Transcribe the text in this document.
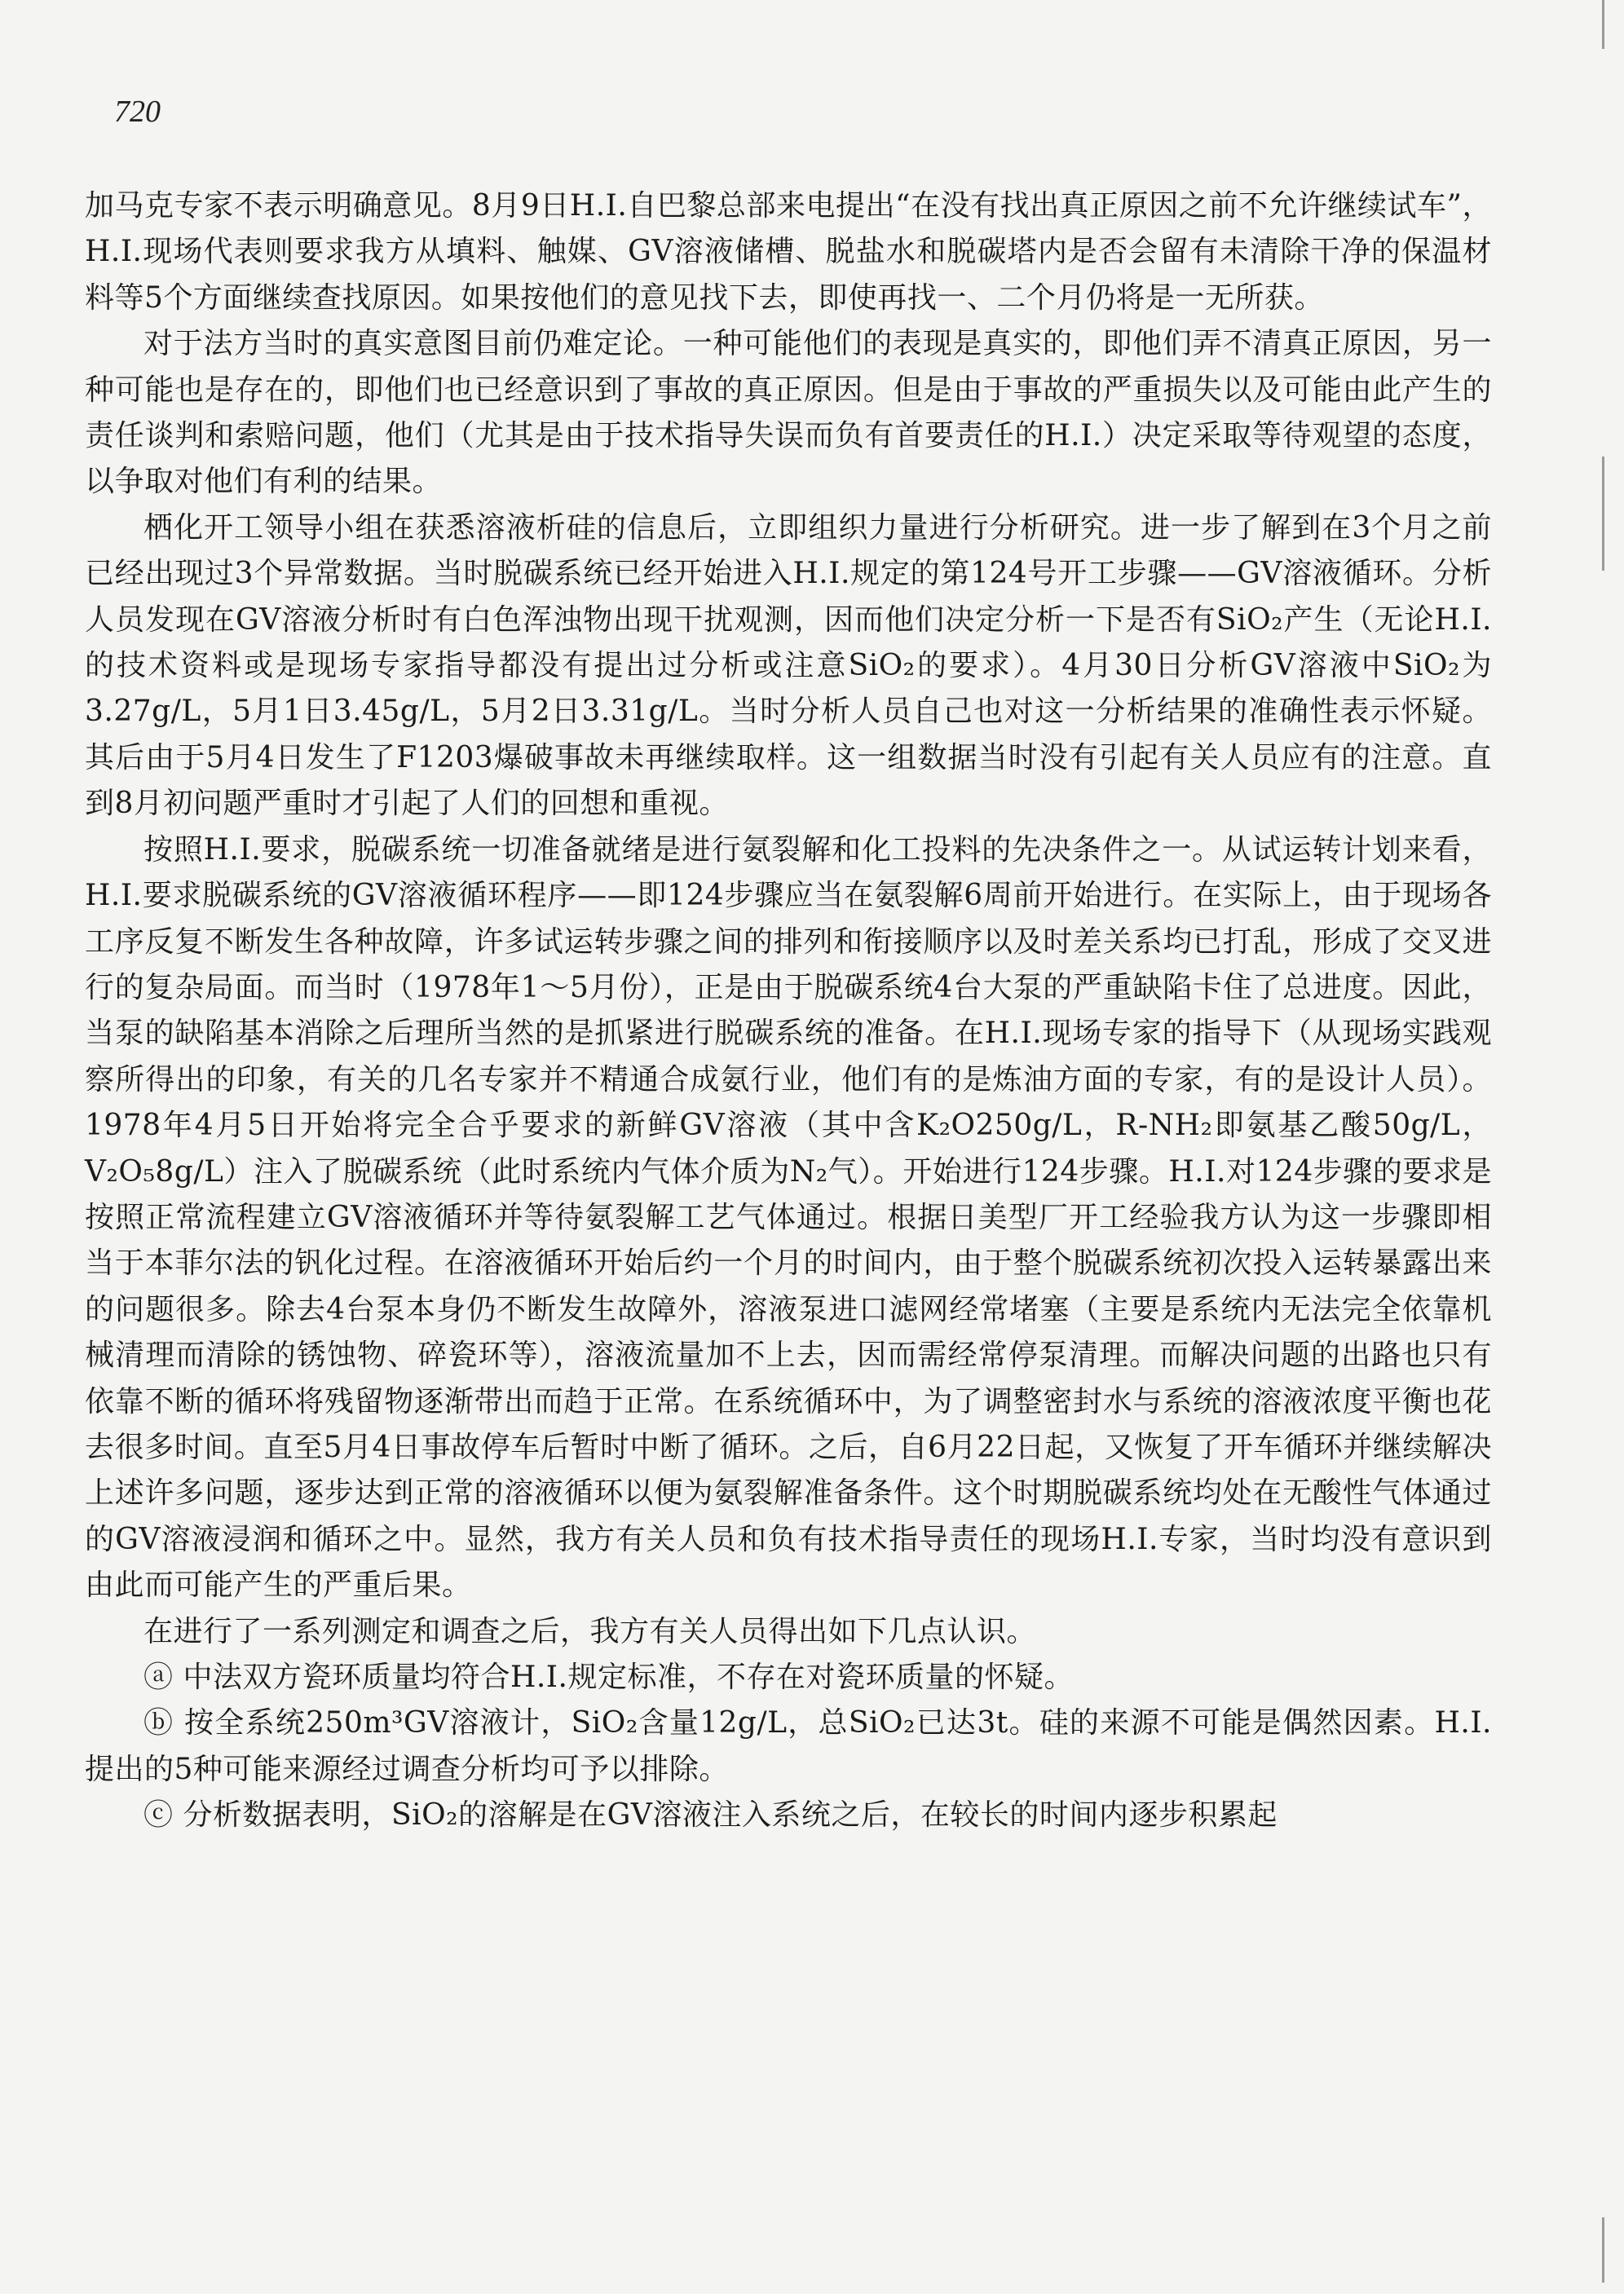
720

加马克专家不表示明确意见。8月9日H.I.自巴黎总部来电提出“在没有找出真正原因之前不允许继续试车”，H.I.现场代表则要求我方从填料、触媒、GV溶液储槽、脱盐水和脱碳塔内是否会留有未清除干净的保温材料等5个方面继续查找原因。如果按他们的意见找下去，即使再找一、二个月仍将是一无所获。

对于法方当时的真实意图目前仍难定论。一种可能他们的表现是真实的，即他们弄不清真正原因，另一种可能也是存在的，即他们也已经意识到了事故的真正原因。但是由于事故的严重损失以及可能由此产生的责任谈判和索赔问题，他们（尤其是由于技术指导失误而负有首要责任的H.I.）决定采取等待观望的态度，以争取对他们有利的结果。

栖化开工领导小组在获悉溶液析硅的信息后，立即组织力量进行分析研究。进一步了解到在3个月之前已经出现过3个异常数据。当时脱碳系统已经开始进入H.I.规定的第124号开工步骤——GV溶液循环。分析人员发现在GV溶液分析时有白色浑浊物出现干扰观测，因而他们决定分析一下是否有SiO₂产生（无论H.I.的技术资料或是现场专家指导都没有提出过分析或注意SiO₂的要求）。4月30日分析GV溶液中SiO₂为3.27g/L，5月1日3.45g/L，5月2日3.31g/L。当时分析人员自己也对这一分析结果的准确性表示怀疑。其后由于5月4日发生了F1203爆破事故未再继续取样。这一组数据当时没有引起有关人员应有的注意。直到8月初问题严重时才引起了人们的回想和重视。

按照H.I.要求，脱碳系统一切准备就绪是进行氨裂解和化工投料的先决条件之一。从试运转计划来看，H.I.要求脱碳系统的GV溶液循环程序——即124步骤应当在氨裂解6周前开始进行。在实际上，由于现场各工序反复不断发生各种故障，许多试运转步骤之间的排列和衔接顺序以及时差关系均已打乱，形成了交叉进行的复杂局面。而当时（1978年1～5月份），正是由于脱碳系统4台大泵的严重缺陷卡住了总进度。因此，当泵的缺陷基本消除之后理所当然的是抓紧进行脱碳系统的准备。在H.I.现场专家的指导下（从现场实践观察所得出的印象，有关的几名专家并不精通合成氨行业，他们有的是炼油方面的专家，有的是设计人员）。1978年4月5日开始将完全合乎要求的新鲜GV溶液（其中含K₂O250g/L，R-NH₂即氨基乙酸50g/L，V₂O₅8g/L）注入了脱碳系统（此时系统内气体介质为N₂气）。开始进行124步骤。H.I.对124步骤的要求是按照正常流程建立GV溶液循环并等待氨裂解工艺气体通过。根据日美型厂开工经验我方认为这一步骤即相当于本菲尔法的钒化过程。在溶液循环开始后约一个月的时间内，由于整个脱碳系统初次投入运转暴露出来的问题很多。除去4台泵本身仍不断发生故障外，溶液泵进口滤网经常堵塞（主要是系统内无法完全依靠机械清理而清除的锈蚀物、碎瓷环等），溶液流量加不上去，因而需经常停泵清理。而解决问题的出路也只有依靠不断的循环将残留物逐渐带出而趋于正常。在系统循环中，为了调整密封水与系统的溶液浓度平衡也花去很多时间。直至5月4日事故停车后暂时中断了循环。之后，自6月22日起，又恢复了开车循环并继续解决上述许多问题，逐步达到正常的溶液循环以便为氨裂解准备条件。这个时期脱碳系统均处在无酸性气体通过的GV溶液浸润和循环之中。显然，我方有关人员和负有技术指导责任的现场H.I.专家，当时均没有意识到由此而可能产生的严重后果。

在进行了一系列测定和调查之后，我方有关人员得出如下几点认识。

ⓐ 中法双方瓷环质量均符合H.I.规定标准，不存在对瓷环质量的怀疑。

ⓑ 按全系统250m³GV溶液计，SiO₂含量12g/L，总SiO₂已达3t。硅的来源不可能是偶然因素。H.I.提出的5种可能来源经过调查分析均可予以排除。

ⓒ 分析数据表明，SiO₂的溶解是在GV溶液注入系统之后，在较长的时间内逐步积累起
